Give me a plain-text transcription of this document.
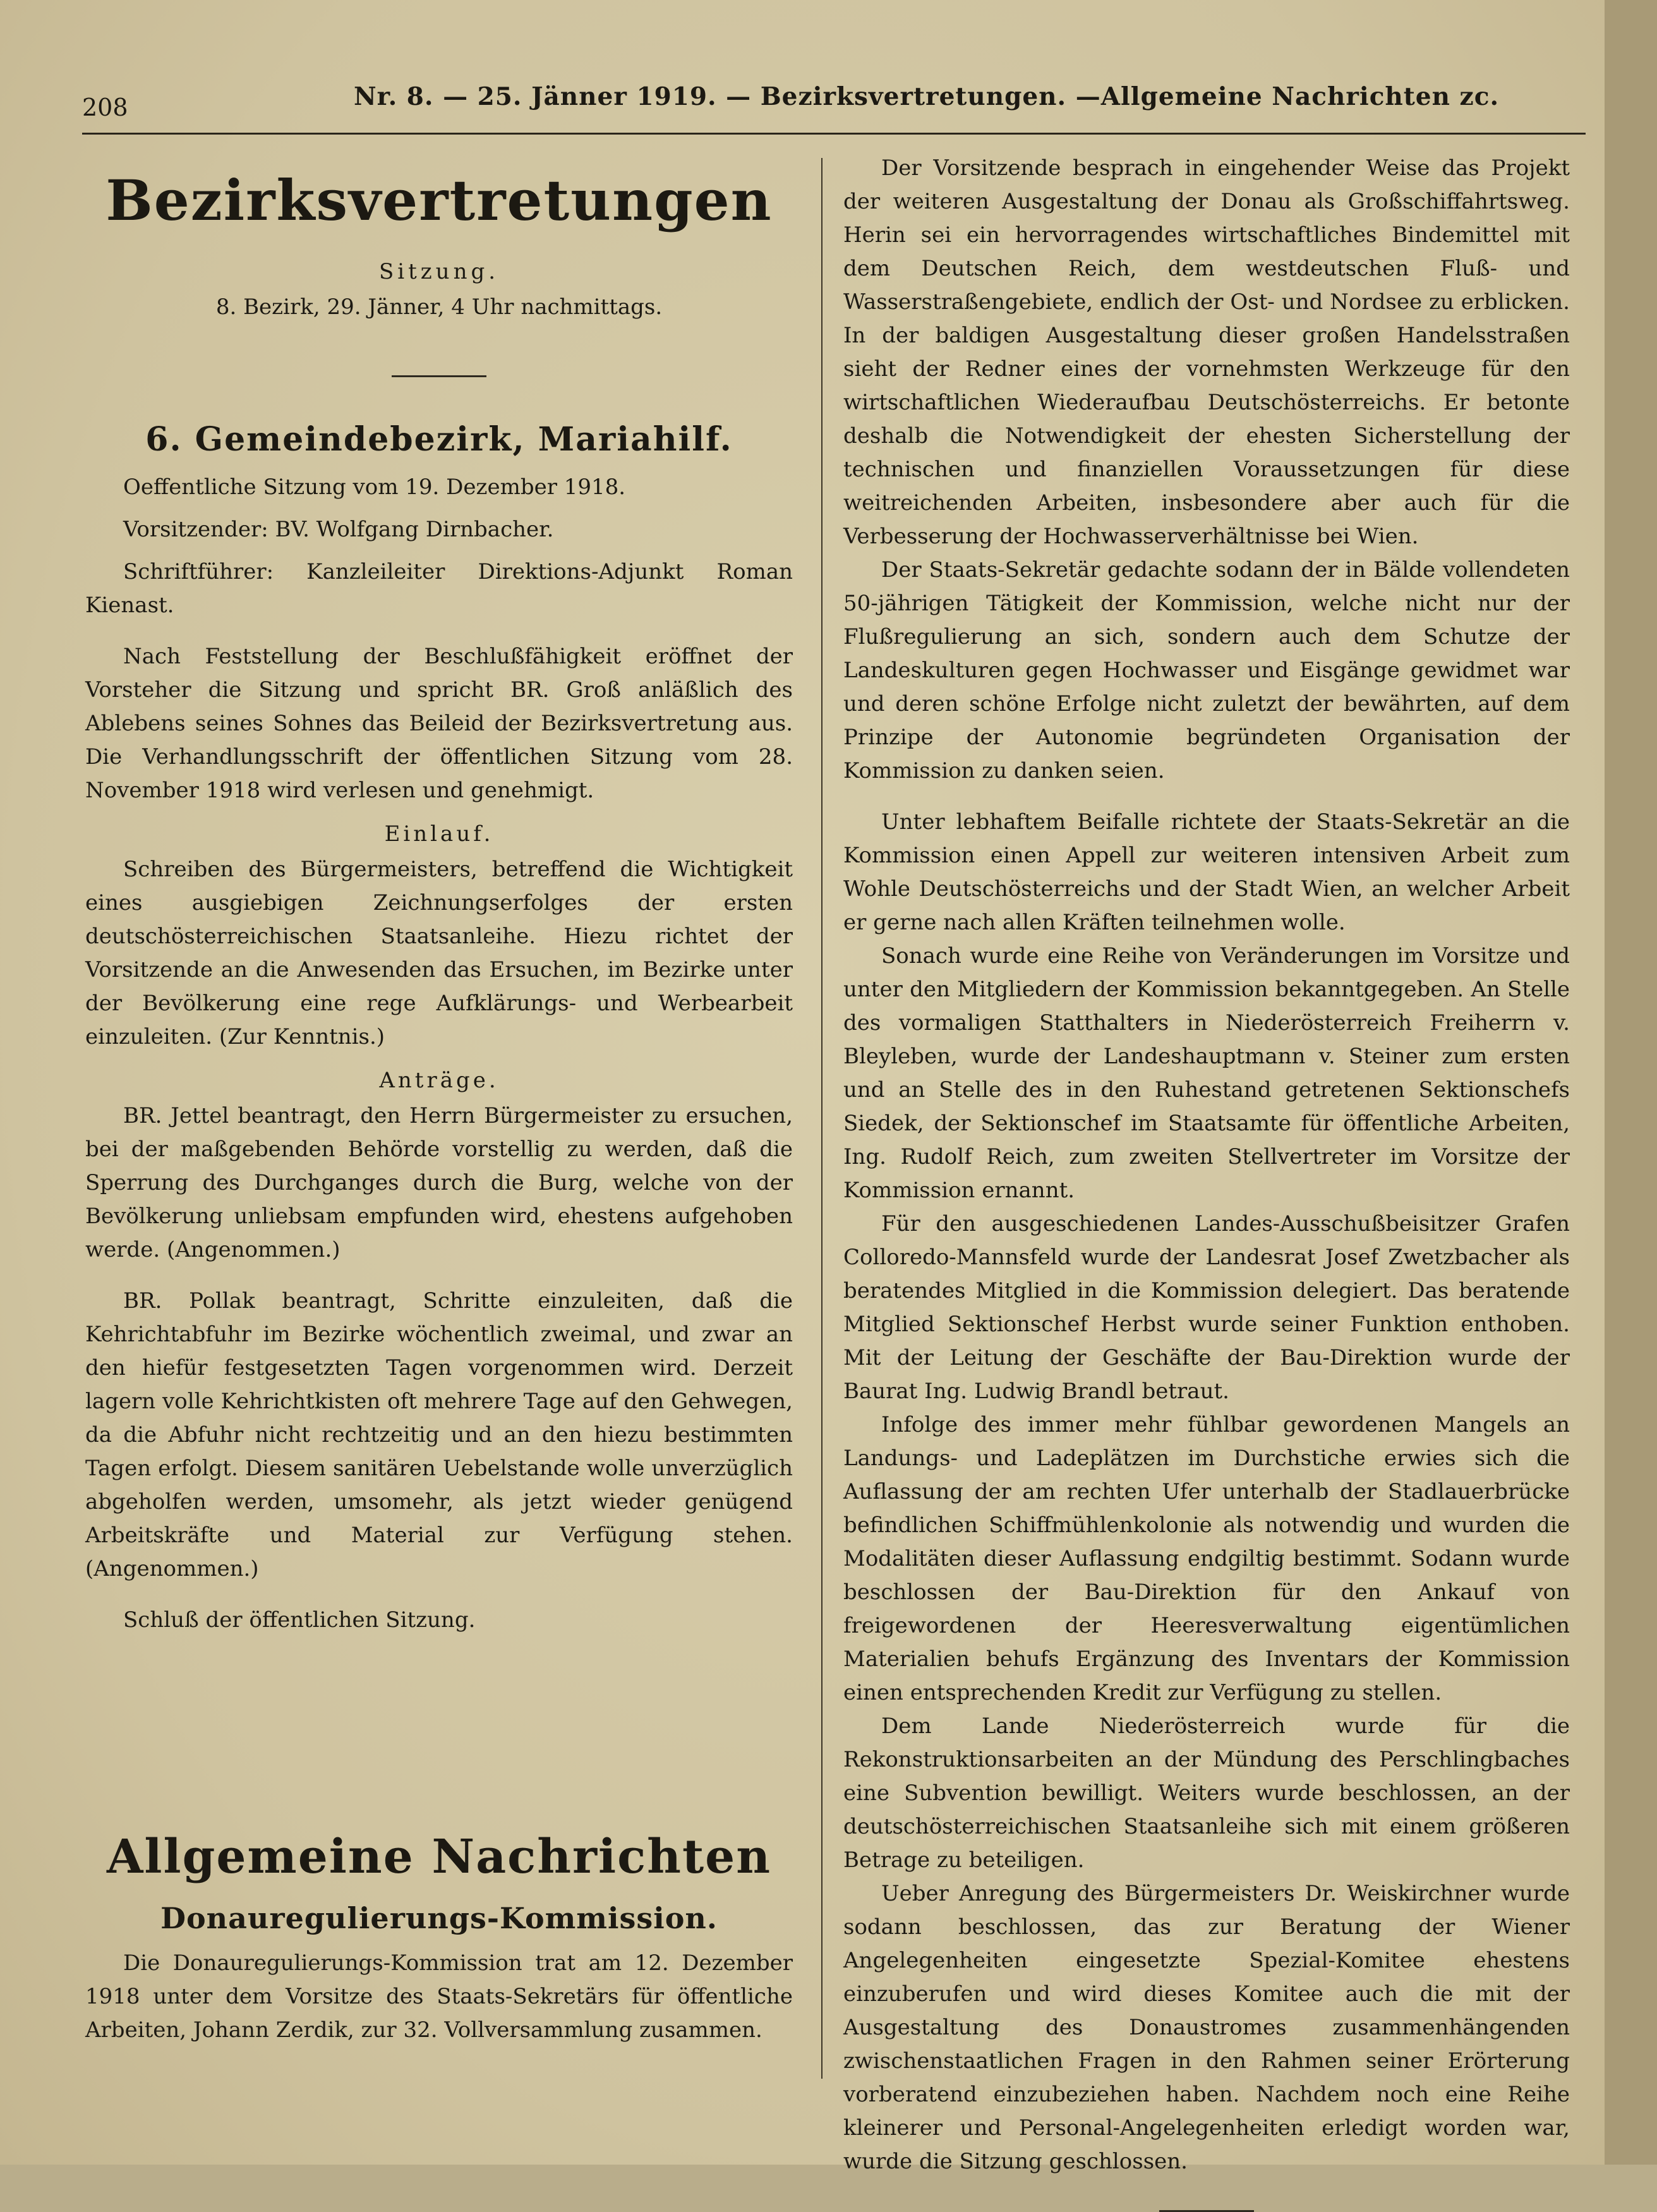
208	Nr. 8. — 25. Jänner 1919. — Bezirksvertretungen. —Allgemeine Nachrichten zc.
Bezirksvertretungen
Sitzung.
8. Bezirk, 29. Jänner, 4 Uhr nachmittags.
6. Gemeindebezirk, Mariahilf.

Oeffentliche Sitzung vom 19. Dezember 1918.

Vorsitzender: BV. Wolfgang Dirnbacher.

Schriftführer: Kanzleileiter Direktions-Adjunkt Roman Kienast.

Nach Feststellung der Beschlußfähigkeit eröffnet der Vorsteher die Sitzung und spricht BR. Groß anläßlich des Ablebens seines Sohnes das Beileid der Bezirksvertretung aus. Die Verhandlungsschrift der öffentlichen Sitzung vom 28. November 1918 wird verlesen und genehmigt.

Einlauf.

Schreiben des Bürgermeisters, betreffend die Wichtigkeit eines ausgiebigen Zeichnungserfolges der ersten deutschösterreichischen Staatsanleihe. Hiezu richtet der Vorsitzende an die Anwesenden das Ersuchen, im Bezirke unter der Bevölkerung eine rege Aufklärungs- und Werbearbeit einzuleiten. (Zur Kenntnis.)

Anträge.

BR. Jettel beantragt, den Herrn Bürgermeister zu ersuchen, bei der maßgebenden Behörde vorstellig zu werden, daß die Sperrung des Durchganges durch die Burg, welche von der Bevölkerung unliebsam empfunden wird, ehestens aufgehoben werde. (Angenommen.)

BR. Pollak beantragt, Schritte einzuleiten, daß die Kehrichtabfuhr im Bezirke wöchentlich zweimal, und zwar an den hiefür festgesetzten Tagen vorgenommen wird. Derzeit lagern volle Kehrichtkisten oft mehrere Tage auf den Gehwegen, da die Abfuhr nicht rechtzeitig und an den hiezu bestimmten Tagen erfolgt. Diesem sanitären Uebelstande wolle unverzüglich abgeholfen werden, umsomehr, als jetzt wieder genügend Arbeitskräfte und Material zur Verfügung stehen. (Angenommen.)

Schluß der öffentlichen Sitzung.

Allgemeine Nachrichten
Donauregulierungs-Kommission.

Die Donauregulierungs-Kommission trat am 12. Dezember 1918 unter dem Vorsitze des Staats-Sekretärs für öffentliche Arbeiten, Johann Zerdik, zur 32. Vollversammlung zusammen.

Der Vorsitzende besprach in eingehender Weise das Projekt der weiteren Ausgestaltung der Donau als Großschiffahrtsweg. Herin sei ein hervorragendes wirtschaftliches Bindemittel mit dem Deutschen Reich, dem westdeutschen Fluß- und Wasserstraßengebiete, endlich der Ost- und Nordsee zu erblicken. In der baldigen Ausgestaltung dieser großen Handelsstraßen sieht der Redner eines der vornehmsten Werkzeuge für den wirtschaftlichen Wiederaufbau Deutschösterreichs. Er betonte deshalb die Notwendigkeit der ehesten Sicherstellung der technischen und finanziellen Voraussetzungen für diese weitreichenden Arbeiten, insbesondere aber auch für die Verbesserung der Hochwasserverhältnisse bei Wien.

Der Staats-Sekretär gedachte sodann der in Bälde vollendeten 50-jährigen Tätigkeit der Kommission, welche nicht nur der Flußregulierung an sich, sondern auch dem Schutze der Landeskulturen gegen Hochwasser und Eisgänge gewidmet war und deren schöne Erfolge nicht zuletzt der bewährten, auf dem Prinzipe der Autonomie begründeten Organisation der Kommission zu danken seien.

Unter lebhaftem Beifalle richtete der Staats-Sekretär an die Kommission einen Appell zur weiteren intensiven Arbeit zum Wohle Deutschösterreichs und der Stadt Wien, an welcher Arbeit er gerne nach allen Kräften teilnehmen wolle.

Sonach wurde eine Reihe von Veränderungen im Vorsitze und unter den Mitgliedern der Kommission bekanntgegeben. An Stelle des vormaligen Statthalters in Niederösterreich Freiherrn v. Bleyleben, wurde der Landeshauptmann v. Steiner zum ersten und an Stelle des in den Ruhestand getretenen Sektionschefs Siedek, der Sektionschef im Staatsamte für öffentliche Arbeiten, Ing. Rudolf Reich, zum zweiten Stellvertreter im Vorsitze der Kommission ernannt.

Für den ausgeschiedenen Landes-Ausschußbeisitzer Grafen Colloredo-Mannsfeld wurde der Landesrat Josef Zwetzbacher als beratendes Mitglied in die Kommission delegiert. Das beratende Mitglied Sektionschef Herbst wurde seiner Funktion enthoben. Mit der Leitung der Geschäfte der Bau-Direktion wurde der Baurat Ing. Ludwig Brandl betraut.

Infolge des immer mehr fühlbar gewordenen Mangels an Landungs- und Ladeplätzen im Durchstiche erwies sich die Auflassung der am rechten Ufer unterhalb der Stadlauerbrücke befindlichen Schiffmühlenkolonie als notwendig und wurden die Modalitäten dieser Auflassung endgiltig bestimmt. Sodann wurde beschlossen der Bau-Direktion für den Ankauf von freigewordenen der Heeresverwaltung eigentümlichen Materialien behufs Ergänzung des Inventars der Kommission einen entsprechenden Kredit zur Verfügung zu stellen.

Dem Lande Niederösterreich wurde für die Rekonstruktionsarbeiten an der Mündung des Perschlingbaches eine Subvention bewilligt. Weiters wurde beschlossen, an der deutschösterreichischen Staatsanleihe sich mit einem größeren Betrage zu beteiligen.

Ueber Anregung des Bürgermeisters Dr. Weiskirchner wurde sodann beschlossen, das zur Beratung der Wiener Angelegenheiten eingesetzte Spezial-Komitee ehestens einzuberufen und wird dieses Komitee auch die mit der Ausgestaltung des Donaustromes zusammenhängenden zwischenstaatlichen Fragen in den Rahmen seiner Erörterung vorberatend einzubeziehen haben. Nachdem noch eine Reihe kleinerer und Personal-Angelegenheiten erledigt worden war, wurde die Sitzung geschlossen.
